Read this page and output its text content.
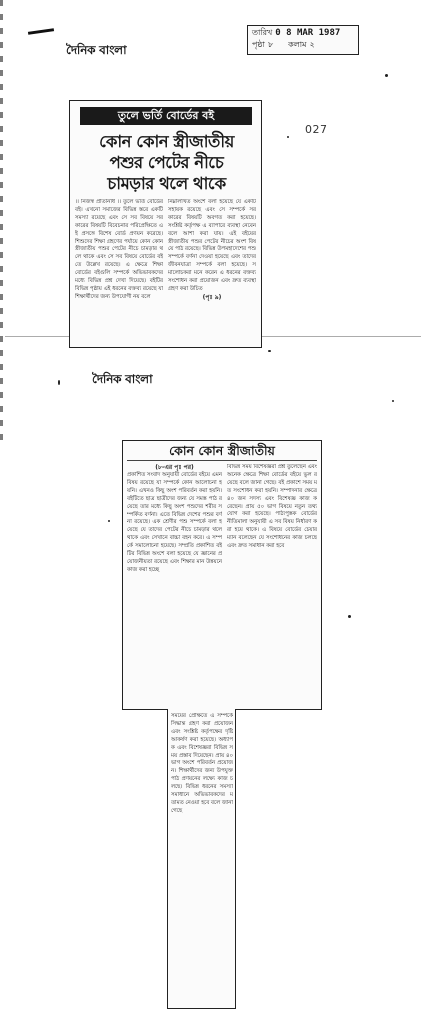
দৈনিক বাংলা
তারিখ 0 8 MAR 1987
পৃষ্ঠা ৮ কলাম ২
027
তুলে ভর্তি বোর্ডের বই
কোন কোন স্ত্রীজাতীয়
পশুর পেটের নীচে
চামড়ার থলে থাকে

।। নিজস্ব প্রতিনিধি ।। তুলে ভর্তি বোর্ডের বই। এখনো সমাজের বিভিন্ন স্তরে একটি সমস্যা রয়েছে এবং সে সব বিষয়ে সরকারের বিষয়টি বিবেচনার পরিপ্রেক্ষিতে এই প্রসঙ্গে বিশেষ বোর্ড প্রণয়ন করেছে। শিশুদের শিক্ষা গ্রহণের পর্যায়ে কোন কোন স্ত্রীজাতীয় পশুর পেটের নীচে চামড়ার থলে থাকে এবং সে সব বিষয়ে বোর্ডের বইতে উল্লেখ রয়েছে। এ ক্ষেত্রে শিক্ষা বোর্ডের বইগুলি সম্পর্কে অভিভাবকদের মধ্যে বিভিন্ন প্রশ্ন দেখা দিয়েছে। বইটির বিভিন্ন পৃষ্ঠায় এই ধরনের বক্তব্য রয়েছে যা শিক্ষার্থীদের জন্য উপযোগী নয় বলে

নিম্নলিখিত অংশে বলা হয়েছে যে একটি সহায়ক রয়েছে এবং সে সম্পর্কে সরকারের বিষয়টি অবগত করা হয়েছে। সংশ্লিষ্ট কর্তৃপক্ষ এ ব্যাপারে ব্যবস্থা নেবেন বলে আশা করা যায়। এই বইয়ের স্ত্রীজাতীয় পশুর পেটের নীচের অংশ বিষয়ে পাঠ রয়েছে। বিভিন্ন উপমহাদেশের পশু সম্পর্কে বর্ণনা দেওয়া হয়েছে এবং তাদের জীবনযাত্রা সম্পর্কে বলা হয়েছে। সমালোচকরা মনে করেন এ ধরনের বক্তব্য সংশোধন করা প্রয়োজন এবং দ্রুত ব্যবস্থা গ্রহণ করা উচিত

(পৃঃ ৯)

দৈনিক বাংলা
কোন কোন স্ত্রীজাতীয়

(৮-এর পৃঃ পর)

প্রকাশিত সংবাদ অনুযায়ী বোর্ডের বইয়ে এমন বিষয় রয়েছে যা সম্পর্কে কোন আলোচনা হয়নি। এখনও কিছু অংশ পরিবর্তন করা হয়নি। বইটিতে ছাত্র ছাত্রীদের জন্য যে সমস্ত পাঠ রয়েছে তার মধ্যে কিছু অংশ পশুদের শরীর সম্পর্কিত বর্ণনা। এতে বিভিন্ন দেশের পশুর বর্ণনা রয়েছে। এক শ্রেণীর পশু সম্পর্কে বলা হয়েছে যে তাদের পেটের নীচে চামড়ার থলে থাকে এবং সেখানে বাচ্চা বহন করে। এ সম্পর্কে সমালোচনা হয়েছে। সম্প্রতি প্রকাশিত বইটির বিভিন্ন অংশে বলা হয়েছে যে জ্ঞানের প্রয়োজনীয়তা রয়েছে এবং শিক্ষার মান উন্নয়নে কাজ করা হচ্ছে

বিভিন্ন সময় বিশেষজ্ঞরা প্রশ্ন তুলেছেন এবং অনেক ক্ষেত্রে শিক্ষা বোর্ডের বইয়ে ভুল রয়েছে বলে জানা গেছে। বই প্রকাশে সময় মত সংশোধন করা হয়নি। সম্পাদনার ক্ষেত্রে ৪০ জন সদস্য এবং বিশেষজ্ঞ কাজ করেছেন। প্রায় ৫০ ভাগ বিষয়ে নতুন তথ্য যোগ করা হয়েছে। পাঠ্যপুস্তক বোর্ডের নীতিমালা অনুযায়ী এ সব বিষয় নির্ধারণ করা হয়ে থাকে। এ বিষয়ে বোর্ডের চেয়ারম্যান বলেছেন যে সংশোধনের কাজ চলছে এবং দ্রুত সমাধান করা হবে

সময়ের প্রেক্ষিতে এ সম্পর্কে সিদ্ধান্ত গ্রহণ করা প্রয়োজন এবং সংশ্লিষ্ট কর্তৃপক্ষের দৃষ্টি আকর্ষণ করা হয়েছে। অধ্যাপক এবং বিশেষজ্ঞরা বিভিন্ন সময় প্রস্তাব দিয়েছেন। প্রায় ৪০ ভাগ অংশে পরিবর্তন প্রয়োজন। শিক্ষার্থীদের জন্য উপযুক্ত পাঠ প্রণয়নের লক্ষ্যে কাজ চলছে। বিভিন্ন ধরনের সমস্যা সমাধানে অভিভাবকদের মতামত নেওয়া হবে বলে জানা গেছে
